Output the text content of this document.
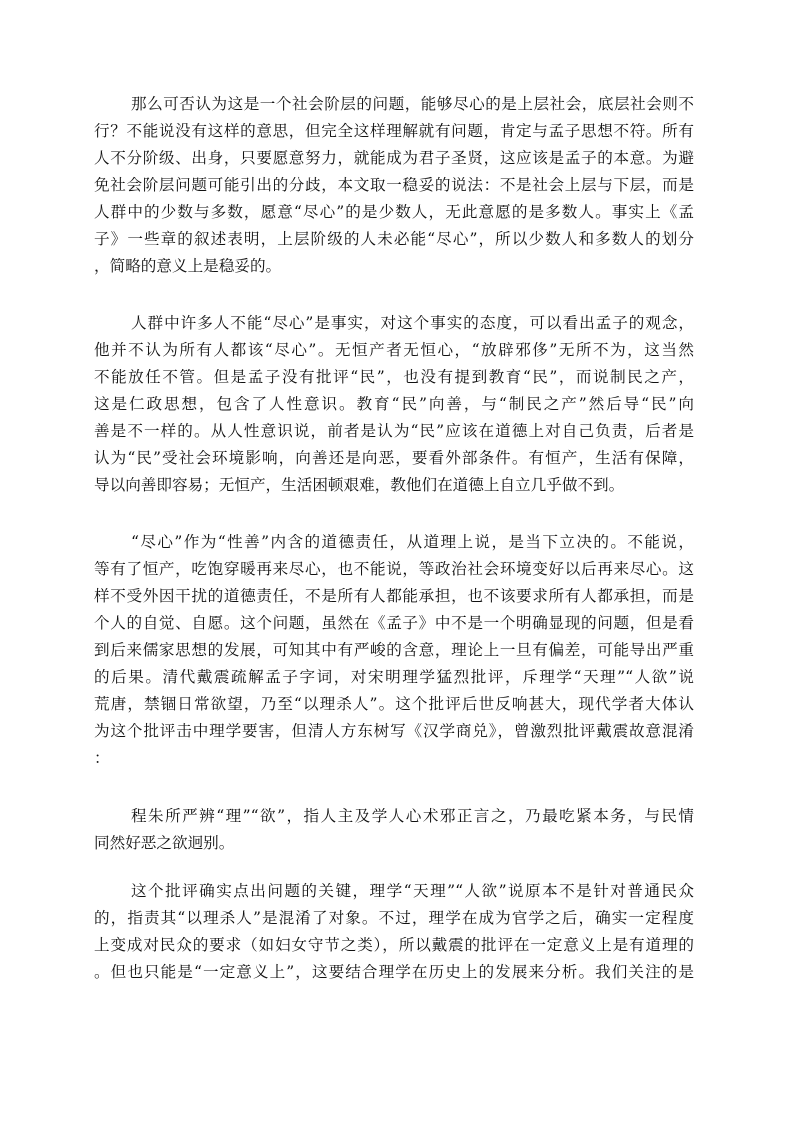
那么可否认为这是一个社会阶层的问题，能够尽心的是上层社会，底层社会则不

行？不能说没有这样的意思，但完全这样理解就有问题，肯定与孟子思想不符。所有

人不分阶级、出身，只要愿意努力，就能成为君子圣贤，这应该是孟子的本意。为避

免社会阶层问题可能引出的分歧，本文取一稳妥的说法：不是社会上层与下层，而是

人群中的少数与多数，愿意“尽心”的是少数人，无此意愿的是多数人。事实上《孟

子》一些章的叙述表明，上层阶级的人未必能“尽心”，所以少数人和多数人的划分

，简略的意义上是稳妥的。

人群中许多人不能“尽心”是事实，对这个事实的态度，可以看出孟子的观念，

他并不认为所有人都该“尽心”。无恒产者无恒心，“放辟邪侈”无所不为，这当然

不能放任不管。但是孟子没有批评“民”，也没有提到教育“民”，而说制民之产，

这是仁政思想，包含了人性意识。教育“民”向善，与“制民之产”然后导“民”向

善是不一样的。从人性意识说，前者是认为“民”应该在道德上对自己负责，后者是

认为“民”受社会环境影响，向善还是向恶，要看外部条件。有恒产，生活有保障，

导以向善即容易；无恒产，生活困顿艰难，教他们在道德上自立几乎做不到。

“尽心”作为“性善”内含的道德责任，从道理上说，是当下立决的。不能说，

等有了恒产，吃饱穿暖再来尽心，也不能说，等政治社会环境变好以后再来尽心。这

样不受外因干扰的道德责任，不是所有人都能承担，也不该要求所有人都承担，而是

个人的自觉、自愿。这个问题，虽然在《孟子》中不是一个明确显现的问题，但是看

到后来儒家思想的发展，可知其中有严峻的含意，理论上一旦有偏差，可能导出严重

的后果。清代戴震疏解孟子字词，对宋明理学猛烈批评，斥理学“天理”“人欲”说

荒唐，禁锢日常欲望，乃至“以理杀人”。这个批评后世反响甚大，现代学者大体认

为这个批评击中理学要害，但清人方东树写《汉学商兑》，曾激烈批评戴震故意混淆

：

程朱所严辨“理”“欲”，指人主及学人心术邪正言之，乃最吃紧本务，与民情

同然好恶之欲迥别。

这个批评确实点出问题的关键，理学“天理”“人欲”说原本不是针对普通民众

的，指责其“以理杀人”是混淆了对象。不过，理学在成为官学之后，确实一定程度

上变成对民众的要求（如妇女守节之类），所以戴震的批评在一定意义上是有道理的

。但也只能是“一定意义上”，这要结合理学在历史上的发展来分析。我们关注的是
